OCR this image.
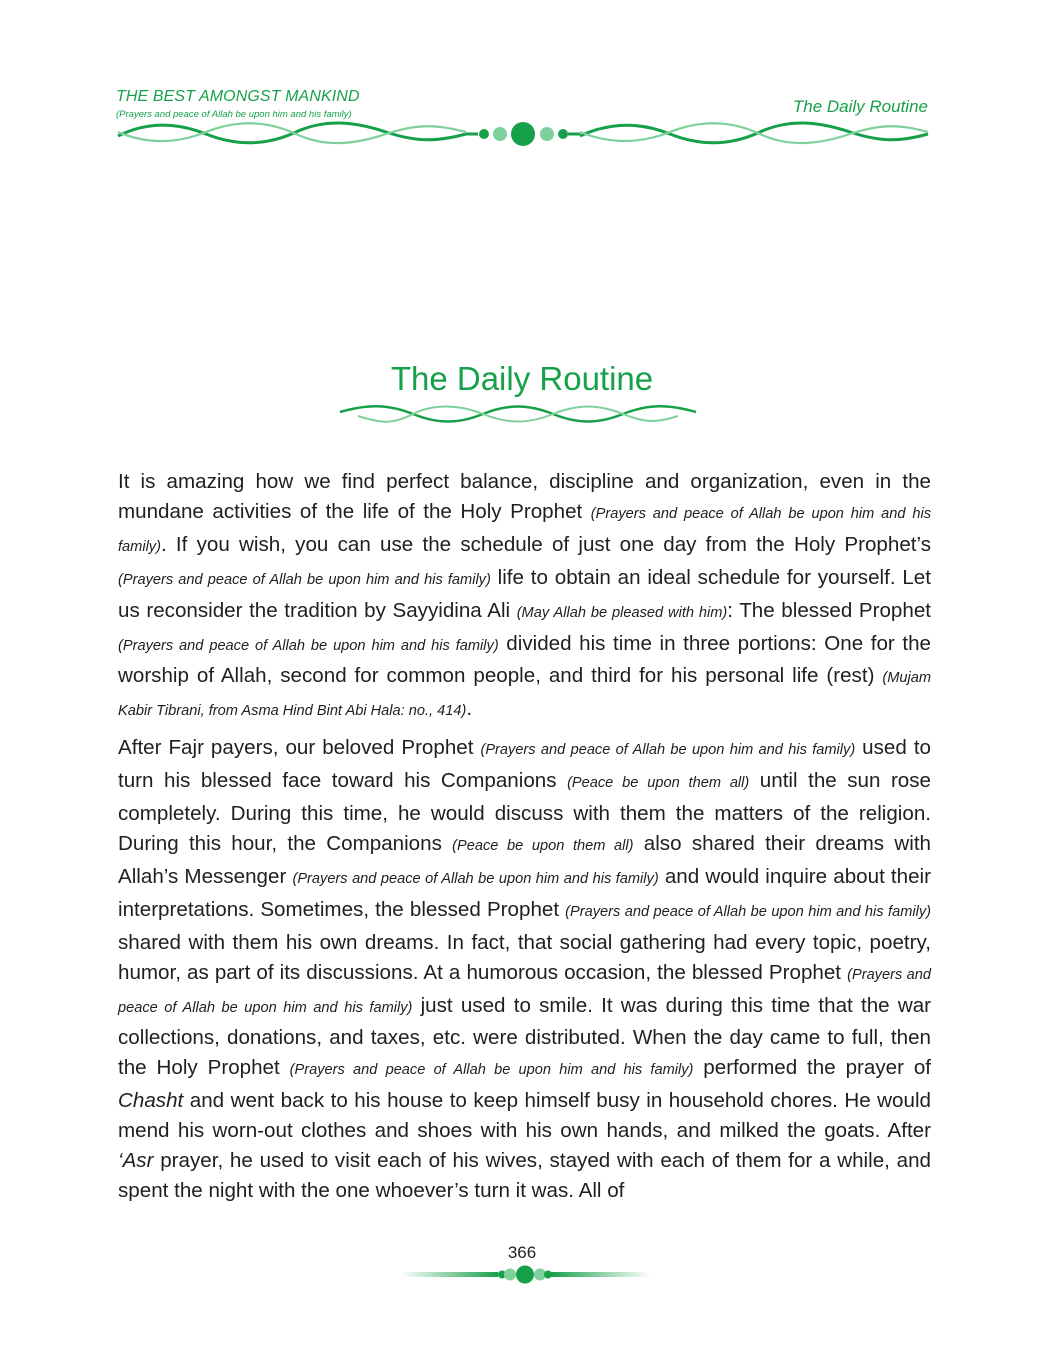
THE BEST AMONGST MANKIND
(Prayers and peace of Allah be upon him and his family)	The Daily Routine
The Daily Routine

It is amazing how we find perfect balance, discipline and organization, even in the mundane activities of the life of the Holy Prophet (Prayers and peace of Allah be upon him and his family). If you wish, you can use the schedule of just one day from the Holy Prophet’s (Prayers and peace of Allah be upon him and his family) life to obtain an ideal schedule for yourself. Let us reconsider the tradition by Sayyidina Ali (May Allah be pleased with him): The blessed Prophet (Prayers and peace of Allah be upon him and his family) divided his time in three portions: One for the worship of Allah, second for common people, and third for his personal life (rest) (Mujam Kabir Tibrani, from Asma Hind Bint Abi Hala: no., 414).

After Fajr payers, our beloved Prophet (Prayers and peace of Allah be upon him and his family) used to turn his blessed face toward his Companions (Peace be upon them all) until the sun rose completely. During this time, he would discuss with them the matters of the religion. During this hour, the Companions (Peace be upon them all) also shared their dreams with Allah’s Messenger (Prayers and peace of Allah be upon him and his family) and would inquire about their interpretations. Sometimes, the blessed Prophet (Prayers and peace of Allah be upon him and his family) shared with them his own dreams. In fact, that social gathering had every topic, poetry, humor, as part of its discussions. At a humorous occasion, the blessed Prophet (Prayers and peace of Allah be upon him and his family) just used to smile. It was during this time that the war collections, donations, and taxes, etc. were distributed. When the day came to full, then the Holy Prophet (Prayers and peace of Allah be upon him and his family) performed the prayer of Chasht and went back to his house to keep himself busy in household chores. He would mend his worn-out clothes and shoes with his own hands, and milked the goats. After ‘Asr prayer, he used to visit each of his wives, stayed with each of them for a while, and spent the night with the one whoever’s turn it was. All of

366
